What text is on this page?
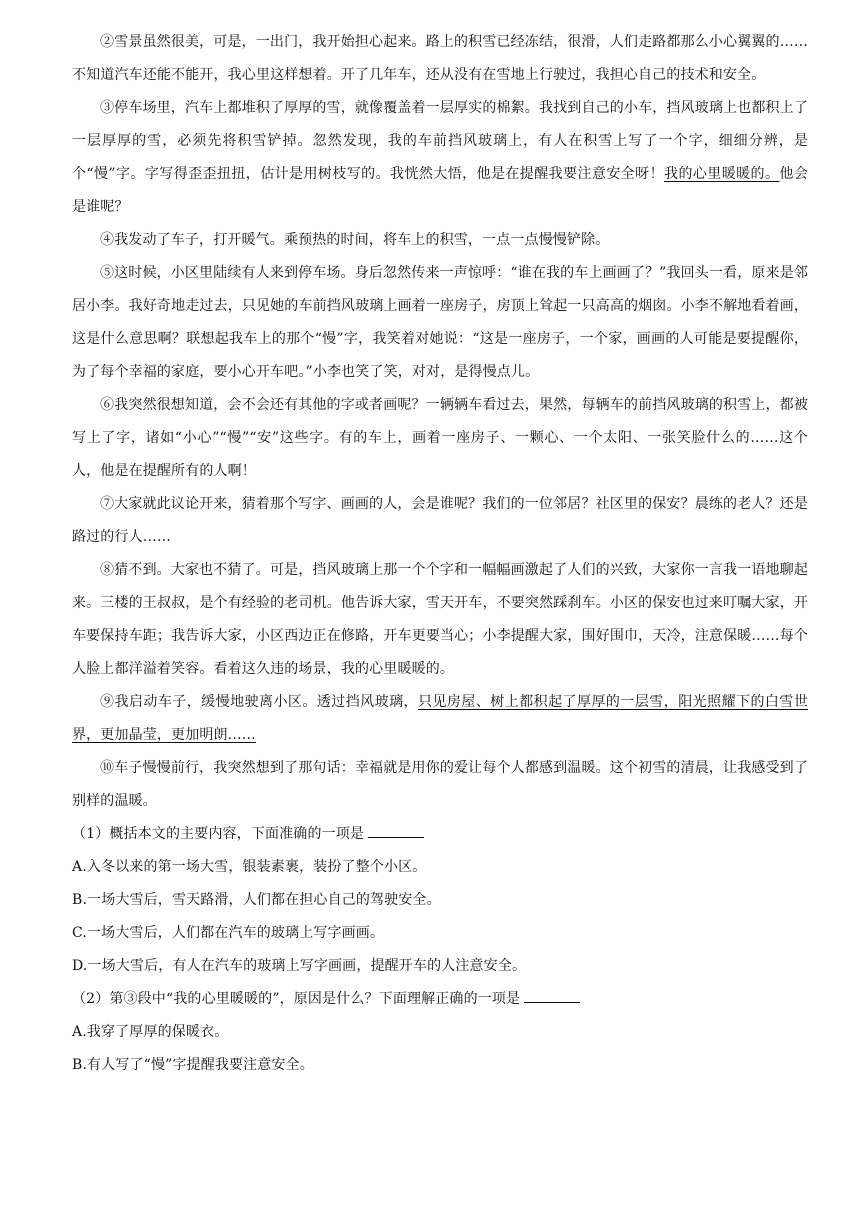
②雪景虽然很美，可是，一出门，我开始担心起来。路上的积雪已经冻结，很滑，人们走路都那么小心翼翼的……不知道汽车还能不能开，我心里这样想着。开了几年车，还从没有在雪地上行驶过，我担心自己的技术和安全。

③停车场里，汽车上都堆积了厚厚的雪，就像覆盖着一层厚实的棉絮。我找到自己的小车，挡风玻璃上也都积上了一层厚厚的雪，必须先将积雪铲掉。忽然发现，我的车前挡风玻璃上，有人在积雪上写了一个字，细细分辨，是个“慢”字。字写得歪歪扭扭，估计是用树枝写的。我恍然大悟，他是在提醒我要注意安全呀！我的心里暖暖的。他会是谁呢？

④我发动了车子，打开暖气。乘预热的时间，将车上的积雪，一点一点慢慢铲除。

⑤这时候，小区里陆续有人来到停车场。身后忽然传来一声惊呼：“谁在我的车上画画了？”我回头一看，原来是邻居小李。我好奇地走过去，只见她的车前挡风玻璃上画着一座房子，房顶上耸起一只高高的烟囱。小李不解地看着画，这是什么意思啊？联想起我车上的那个“慢”字，我笑着对她说：“这是一座房子，一个家，画画的人可能是要提醒你，为了每个幸福的家庭，要小心开车吧。”小李也笑了笑，对对，是得慢点儿。

⑥我突然很想知道，会不会还有其他的字或者画呢？一辆辆车看过去，果然，每辆车的前挡风玻璃的积雪上，都被写上了字，诸如“小心”“慢”“安”这些字。有的车上，画着一座房子、一颗心、一个太阳、一张笑脸什么的……这个人，他是在提醒所有的人啊！

⑦大家就此议论开来，猜着那个写字、画画的人，会是谁呢？我们的一位邻居？社区里的保安？晨练的老人？还是路过的行人……

⑧猜不到。大家也不猜了。可是，挡风玻璃上那一个个字和一幅幅画激起了人们的兴致，大家你一言我一语地聊起来。三楼的王叔叔，是个有经验的老司机。他告诉大家，雪天开车，不要突然踩刹车。小区的保安也过来叮嘱大家，开车要保持车距；我告诉大家，小区西边正在修路，开车更要当心；小李提醒大家，围好围巾，天冷，注意保暖……每个人脸上都洋溢着笑容。看着这久违的场景，我的心里暖暖的。

⑨我启动车子，缓慢地驶离小区。透过挡风玻璃，只见房屋、树上都积起了厚厚的一层雪，阳光照耀下的白雪世界，更加晶莹，更加明朗……

⑩车子慢慢前行，我突然想到了那句话：幸福就是用你的爱让每个人都感到温暖。这个初雪的清晨，让我感受到了别样的温暖。

（1）概括本文的主要内容，下面准确的一项是

A.入冬以来的第一场大雪，银装素裹，装扮了整个小区。

B.一场大雪后，雪天路滑，人们都在担心自己的驾驶安全。

C.一场大雪后，人们都在汽车的玻璃上写字画画。

D.一场大雪后，有人在汽车的玻璃上写字画画，提醒开车的人注意安全。

（2）第③段中“我的心里暖暖的”，原因是什么？下面理解正确的一项是

A.我穿了厚厚的保暖衣。

B.有人写了“慢”字提醒我要注意安全。
